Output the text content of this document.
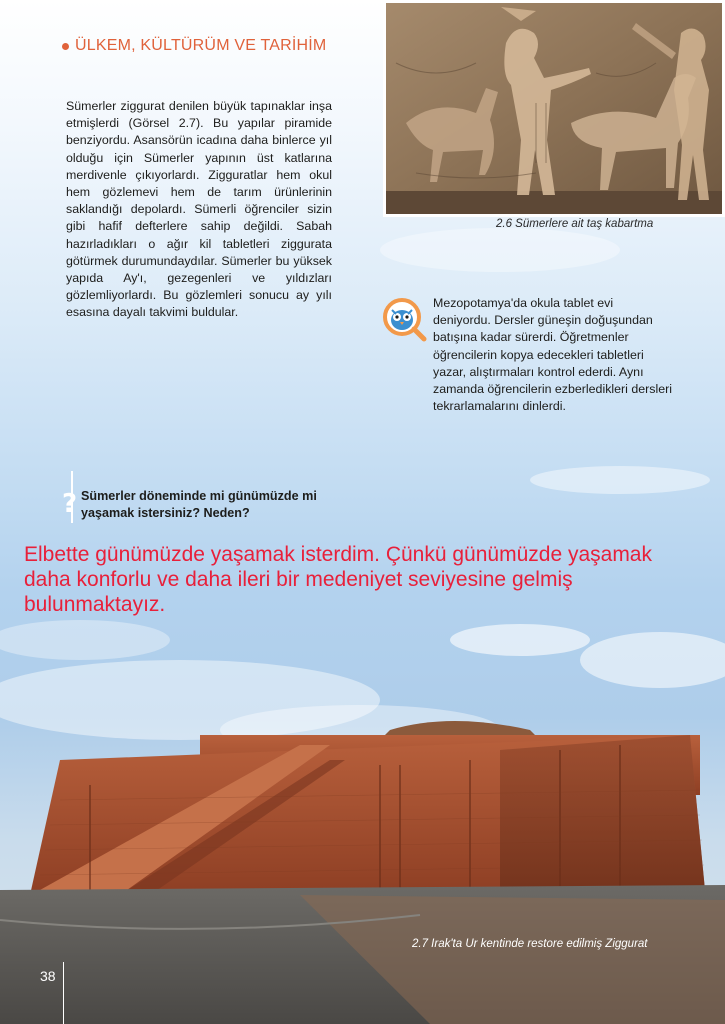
ÜLKEM, KÜLTÜRÜM VE TARİHİM

Sümerler ziggurat denilen büyük tapınaklar inşa etmişlerdi (Görsel 2.7). Bu yapılar piramide benziyordu. Asansörün icadına daha binlerce yıl olduğu için Sümerler yapının üst katlarına merdivenle çıkıyorlardı. Zigguratlar hem okul hem gözlemevi hem de tarım ürünlerinin saklandığı depolardı. Sümerli öğrenciler sizin gibi hafif defterlere sahip değildi. Sabah hazırladıkları o ağır kil tabletleri ziggurata götürmek durumundaydılar. Sümerler bu yüksek yapıda Ay'ı, gezegenleri ve yıldızları gözlemliyorlardı. Bu gözlemleri sonucu ay yılı esasına dayalı takvimi buldular.

2.6 Sümerlere ait taş kabartma

Mezopotamya'da okula tablet evi deniyordu. Dersler güneşin doğuşundan batışına kadar sürerdi. Öğretmenler öğrencilerin kopya edecekleri tabletleri yazar, alıştırmaları kontrol ederdi. Aynı zamanda öğrencilerin ezberledikleri dersleri tekrarlamalarını dinlerdi.

? Sümerler döneminde mi günümüzde mi yaşamak istersiniz? Neden?

Elbette günümüzde yaşamak isterdim. Çünkü günümüzde yaşamak daha konforlu ve daha ileri bir medeniyet seviyesine gelmiş bulunmaktayız.

2.7 Irak'ta Ur kentinde restore edilmiş Ziggurat
38
